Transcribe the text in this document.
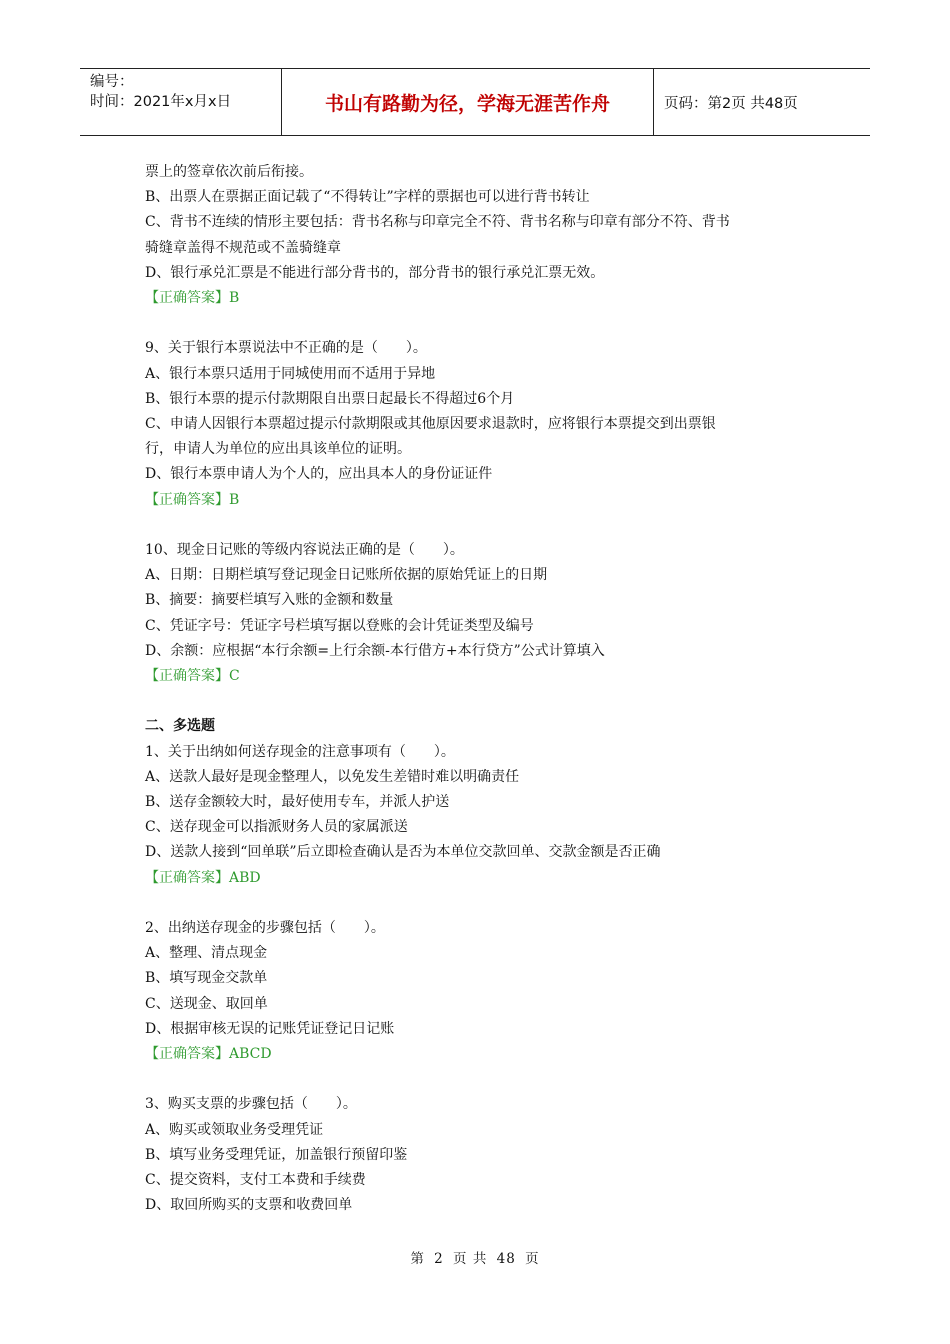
编号：
时间：2021年x月x日	书山有路勤为径，学海无涯苦作舟	页码：第2页 共48页

票上的签章依次前后衔接。

B、出票人在票据正面记载了“不得转让”字样的票据也可以进行背书转让

C、背书不连续的情形主要包括：背书名称与印章完全不符、背书名称与印章有部分不符、背书

骑缝章盖得不规范或不盖骑缝章

D、银行承兑汇票是不能进行部分背书的，部分背书的银行承兑汇票无效。

【正确答案】B

9、关于银行本票说法中不正确的是（　　）。

A、银行本票只适用于同城使用而不适用于异地

B、银行本票的提示付款期限自出票日起最长不得超过6个月

C、申请人因银行本票超过提示付款期限或其他原因要求退款时，应将银行本票提交到出票银

行，申请人为单位的应出具该单位的证明。

D、银行本票申请人为个人的，应出具本人的身份证证件

【正确答案】B

10、现金日记账的等级内容说法正确的是（　　）。

A、日期：日期栏填写登记现金日记账所依据的原始凭证上的日期

B、摘要：摘要栏填写入账的金额和数量

C、凭证字号：凭证字号栏填写据以登账的会计凭证类型及编号

D、余额：应根据“本行余额=上行余额-本行借方+本行贷方”公式计算填入

【正确答案】C

二、多选题

1、关于出纳如何送存现金的注意事项有（　　）。

A、送款人最好是现金整理人，以免发生差错时难以明确责任

B、送存金额较大时，最好使用专车，并派人护送

C、送存现金可以指派财务人员的家属派送

D、送款人接到“回单联”后立即检查确认是否为本单位交款回单、交款金额是否正确

【正确答案】ABD

2、出纳送存现金的步骤包括（　　）。

A、整理、清点现金

B、填写现金交款单

C、送现金、取回单

D、根据审核无误的记账凭证登记日记账

【正确答案】ABCD

3、购买支票的步骤包括（　　）。

A、购买或领取业务受理凭证

B、填写业务受理凭证，加盖银行预留印鉴

C、提交资料，支付工本费和手续费

D、取回所购买的支票和收费回单

第 2 页 共 48 页
